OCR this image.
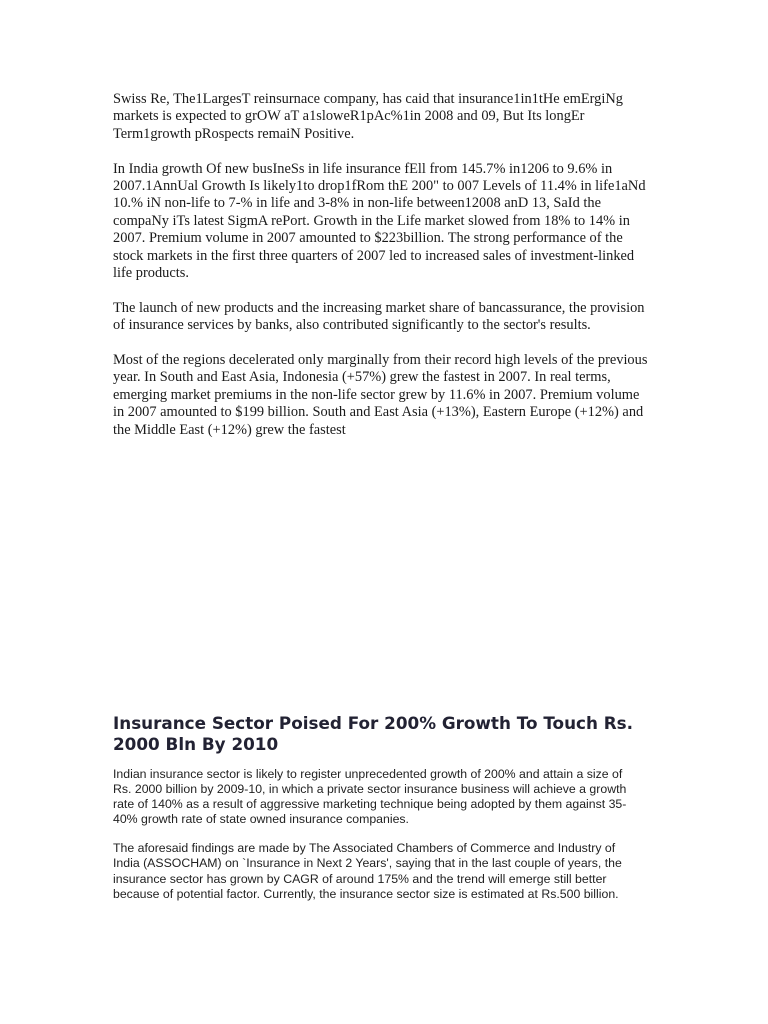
Swiss Re, The1LargesT reinsurnace company, has caid that insurance1in1tHe emErgiNg markets is expected to grOW aT a1sloweR1pAc%1in 2008 and 09, But Its longEr Term1growth pRospects remaiN Positive.

In India growth Of new busIneSs in life insurance fEll from 145.7% in1206 to 9.6% in 2007.1AnnUal Growth Is likely1to drop1fRom thE 200" to 007 Levels of 11.4% in life1aNd 10.% iN non-life to 7-% in life and 3-8% in non-life between12008 anD 13, SaId the compaNy iTs latest SigmA rePort. Growth in the Life market slowed from 18% to 14% in 2007. Premium volume in 2007 amounted to $223billion. The strong performance of the stock markets in the first three quarters of 2007 led to increased sales of investment-linked life products.

The launch of new products and the increasing market share of bancassurance, the provision of insurance services by banks, also contributed significantly to the sector's results.

Most of the regions decelerated only marginally from their record high levels of the previous year. In South and East Asia, Indonesia (+57%) grew the fastest in 2007. In real terms, emerging market premiums in the non-life sector grew by 11.6% in 2007. Premium volume in 2007 amounted to $199 billion. South and East Asia (+13%), Eastern Europe (+12%) and the Middle East (+12%) grew the fastest

Insurance Sector Poised For 200% Growth To Touch Rs. 2000 Bln By 2010

Indian insurance sector is likely to register unprecedented growth of 200% and attain a size of Rs. 2000 billion by 2009-10, in which a private sector insurance business will achieve a growth rate of 140% as a result of aggressive marketing technique being adopted by them against 35-40% growth rate of state owned insurance companies.

The aforesaid findings are made by The Associated Chambers of Commerce and Industry of India (ASSOCHAM) on `Insurance in Next 2 Years', saying that in the last couple of years, the insurance sector has grown by CAGR of around 175% and the trend will emerge still better because of potential factor. Currently, the insurance sector size is estimated at Rs.500 billion.
